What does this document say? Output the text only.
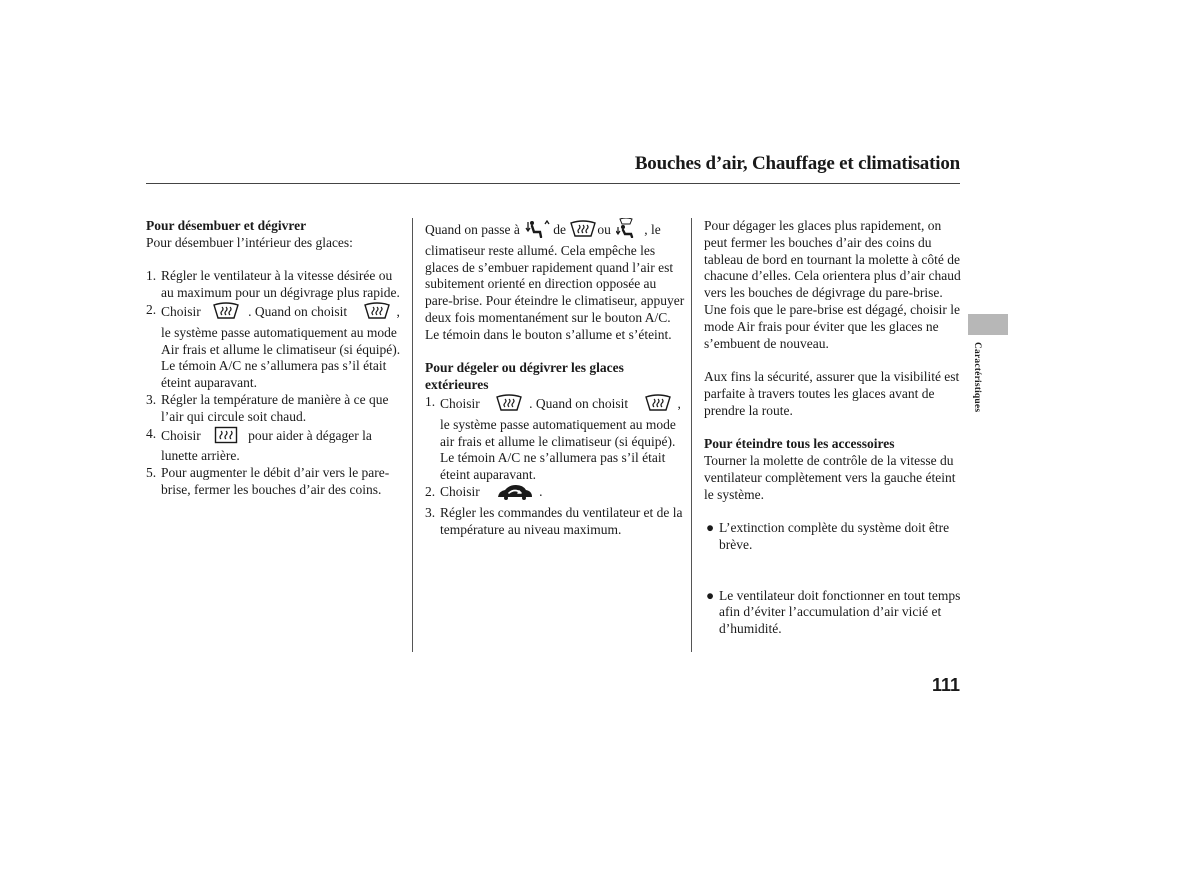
Bouches d’air, Chauffage et climatisation
Pour désembuer et dégivrer
Pour désembuer l’intérieur des glaces:
1. Régler le ventilateur à la vitesse désirée ou au maximum pour un dégivrage plus rapide.
2. Choisir	. Quand on choisit	, le système passe automatiquement au mode Air frais et allume le climatiseur (si équipé).
Le témoin A/C ne s’allumera pas s’il était éteint auparavant.
3. Régler la température de manière à ce que l’air qui circule soit chaud.
4. Choisir	pour aider à dégager la lunette arrière.
5. Pour augmenter le débit d’air vers le pare-brise, fermer les bouches d’air des coins.
Quand on passe à de ou , le climatiseur reste allumé. Cela empêche les glaces de s’embuer rapidement quand l’air est subitement orienté en direction opposée au pare-brise. Pour éteindre le climatiseur, appuyer deux fois momentanément sur le bouton A/C. Le témoin dans le bouton s’allume et s’éteint.
Pour dégeler ou dégivrer les glaces extérieures
1. Choisir	. Quand on choisit	, le système passe automatiquement au mode air frais et allume le climatiseur (si équipé).
Le témoin A/C ne s’allumera pas s’il était éteint auparavant.
2. Choisir	.
3. Régler les commandes du ventilateur et de la température au niveau maximum.
Pour dégager les glaces plus rapidement, on peut fermer les bouches d’air des coins du tableau de bord en tournant la molette à côté de chacune d’elles. Cela orientera plus d’air chaud vers les bouches de dégivrage du pare-brise. Une fois que le pare-brise est dégagé, choisir le mode Air frais pour éviter que les glaces ne s’embuent de nouveau.
Aux fins la sécurité, assurer que la visibilité est parfaite à travers toutes les glaces avant de prendre la route.
Pour éteindre tous les accessoires
Tourner la molette de contrôle de la vitesse du ventilateur complètement vers la gauche éteint le système.
● L’extinction complète du système doit être brève.
● Le ventilateur doit fonctionner en tout temps afin d’éviter l’accumulation d’air vicié et d’humidité.
Caractéristiques
111
